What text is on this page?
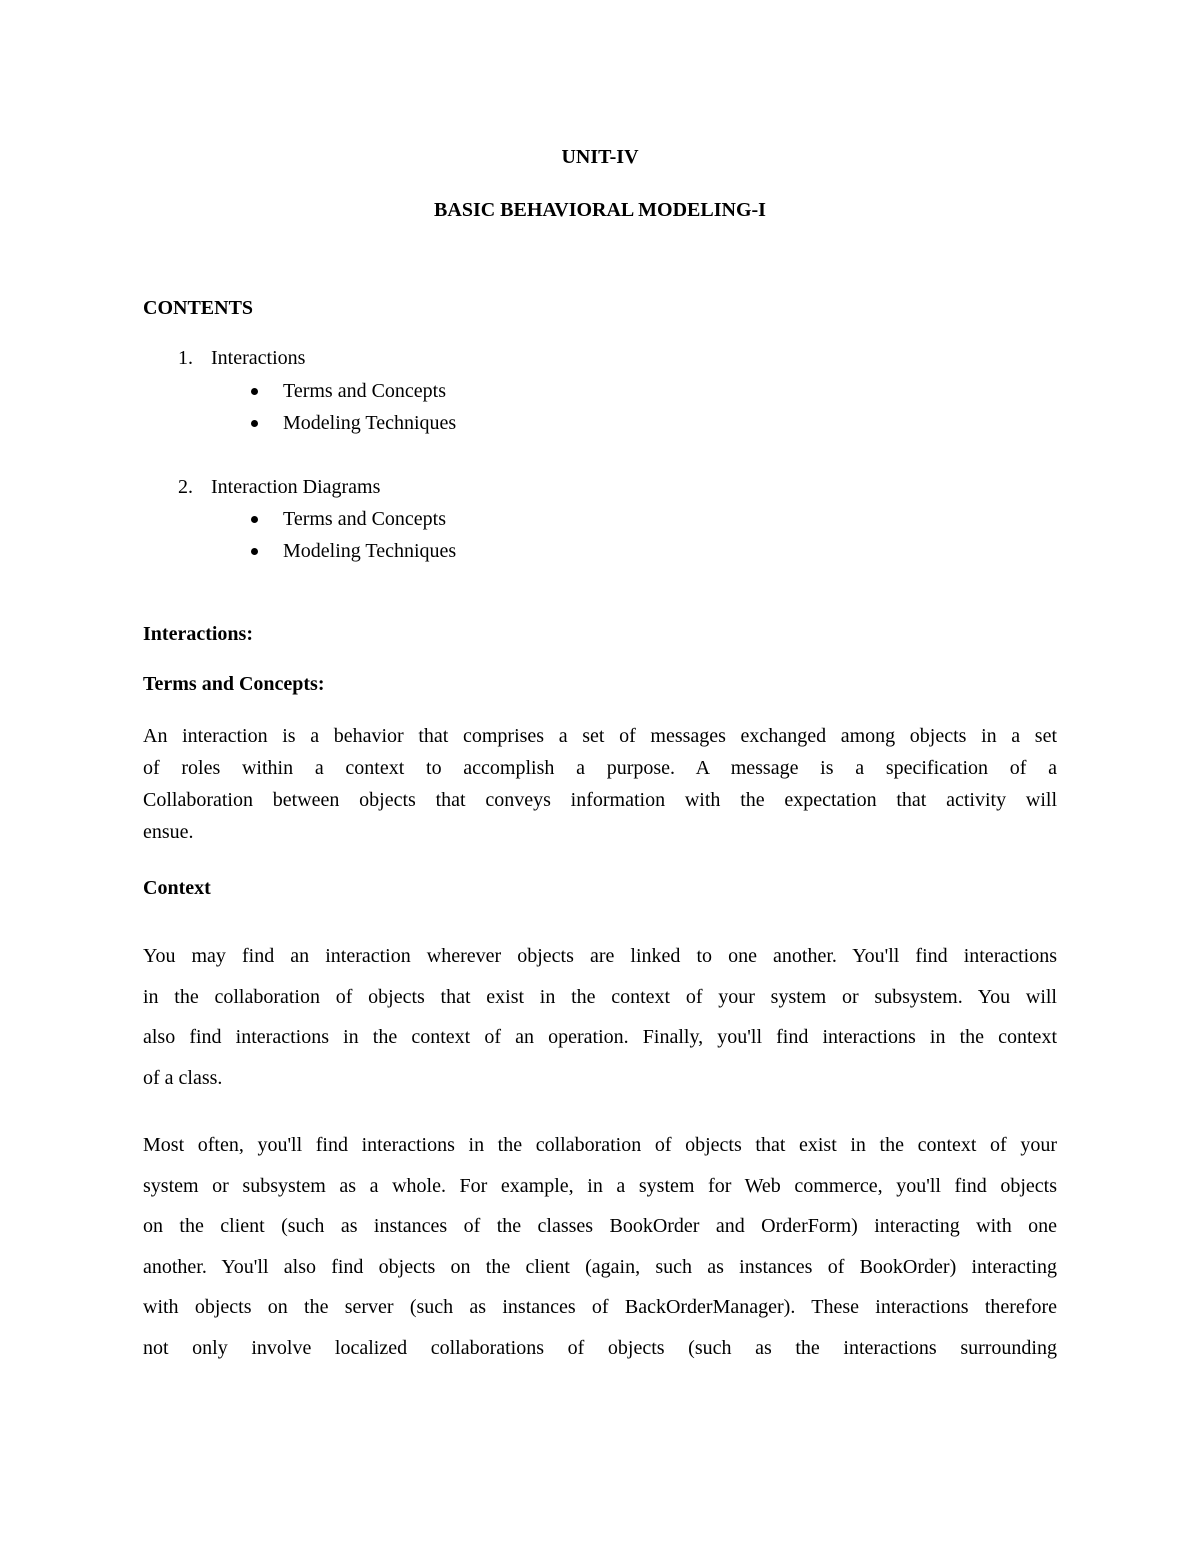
UNIT-IV
BASIC BEHAVIORAL MODELING-I
CONTENTS
1. Interactions
Terms and Concepts
Modeling Techniques
2. Interaction Diagrams
Terms and Concepts
Modeling Techniques
Interactions:
Terms and Concepts:
An interaction is a behavior that comprises a set of messages exchanged among objects in a set
of roles within a context to accomplish a purpose. A message is a specification of a
Collaboration between objects that conveys information with the expectation that activity will
ensue.
Context
You may find an interaction wherever objects are linked to one another. You'll find interactions
in the collaboration of objects that exist in the context of your system or subsystem. You will
also find interactions in the context of an operation. Finally, you'll find interactions in the context
of a class.
Most often, you'll find interactions in the collaboration of objects that exist in the context of your
system or subsystem as a whole. For example, in a system for Web commerce, you'll find objects
on the client (such as instances of the classes BookOrder and OrderForm) interacting with one
another. You'll also find objects on the client (again, such as instances of BookOrder) interacting
with objects on the server (such as instances of BackOrderManager). These interactions therefore
not only involve localized collaborations of objects (such as the interactions surrounding
